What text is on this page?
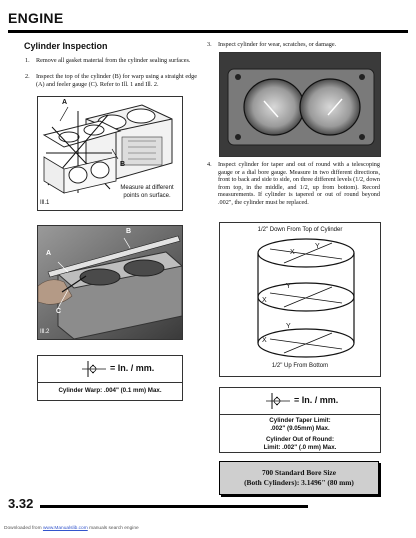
ENGINE
Cylinder Inspection
1. Remove all gasket material from the cylinder sealing surfaces.
2. Inspect the top of the cylinder (B) for warp using a straight edge (A) and feeler gauge (C). Refer to Ill. 1 and Ill. 2.
A
B
Measure at different
points on surface.
Ill.1
B
A
C
Ill.2
= In. / mm.
Cylinder Warp: .004" (0.1 mm) Max.
3. Inspect cylinder for wear, scratches, or damage.
4. Inspect cylinder for taper and out of round with a telescoping gauge or a dial bore gauge. Measure in two different directions, front to back and side to side, on three different levels (1/2, down from top, in the middle, and 1/2, up from bottom). Record measurements. If cylinder is tapered or out of round beyond .002", the cylinder must be replaced.
1/2" Down From Top of Cylinder
X
Y
X
Y
X
Y
1/2" Up From Bottom
= In. / mm.
Cylinder Taper Limit:
.002" (9.05mm) Max.
Cylinder Out of Round:
Limit: .002" (.0 mm) Max.
700 Standard Bore Size
(Both Cylinders): 3.1496" (80 mm)
3.32
Downloaded from www.Manualslib.com manuals search engine
